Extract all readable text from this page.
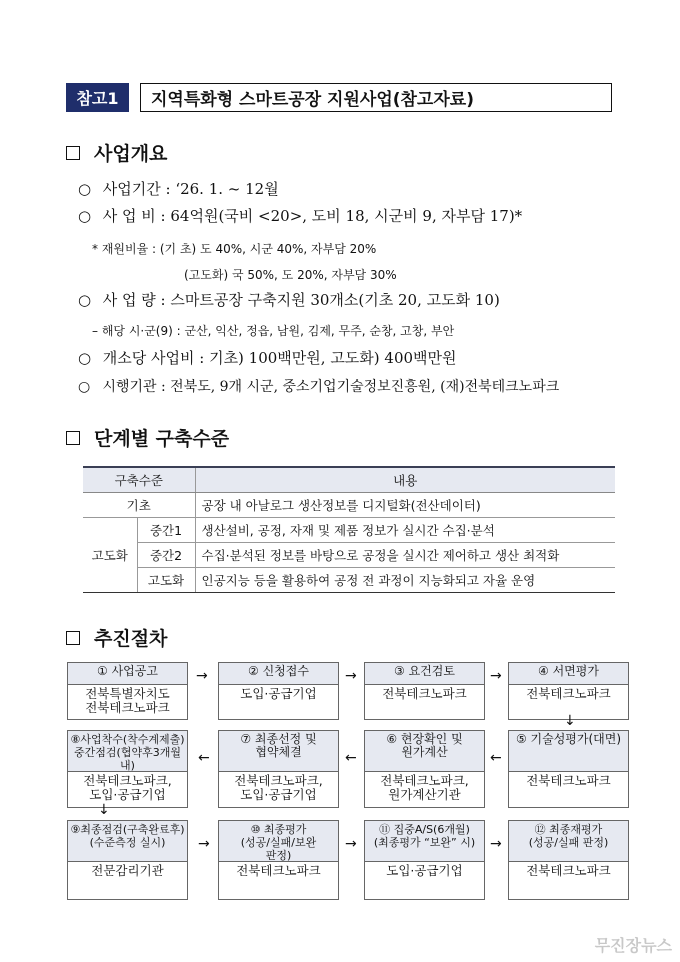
참고1	지역특화형 스마트공장 지원사업(참고자료)
사업개요
○ 사업기간 : ‘26. 1. ~ 12월
○ 사 업 비 : 64억원(국비 <20>, 도비 18, 시군비 9, 자부담 17)*
* 재원비율 : (기 초) 도 40%, 시군 40%, 자부담 20%
(고도화) 국 50%, 도 20%, 자부담 30%
○ 사 업 량 : 스마트공장 구축지원 30개소(기초 20, 고도화 10)
– 해당 시·군(9) : 군산, 익산, 정읍, 남원, 김제, 무주, 순창, 고창, 부안
○ 개소당 사업비 : 기초) 100백만원, 고도화) 400백만원
○ 시행기관 : 전북도, 9개 시군, 중소기업기술정보진흥원, (재)전북테크노파크
단계별 구축수준
구축수준		내용
기초		공장 내 아날로그 생산정보를 디지털화(전산데이터)
고도화	중간1	생산설비, 공정, 자재 및 제품 정보가 실시간 수집·분석
	중간2	수집·분석된 정보를 바탕으로 공정을 실시간 제어하고 생산 최적화
	고도화	인공지능 등을 활용하여 공정 전 과정이 지능화되고 자율 운영
추진절차
① 사업공고
전북특별자치도
전북테크노파크
② 신청접수
도입·공급기업
③ 요건검토
전북테크노파크
④ 서면평가
전북테크노파크
→	→	→
↓
⑧사업착수(착수계제출)
중간점검(협약후3개월내)
전북테크노파크,
도입·공급기업
⑦ 최종선정 및
협약체결
전북테크노파크,
도입·공급기업
⑥ 현장확인 및
원가계산
전북테크노파크,
원가계산기관
⑤ 기술성평가(대면)
전북테크노파크
←	←	←
↓
⑨최종점검(구축완료후)
(수준측정 실시)
전문감리기관
⑩ 최종평가
(성공/실패/보완
판정)
전북테크노파크
⑪ 집중A/S(6개월)
(최종평가 “보완” 시)
도입·공급기업
⑫ 최종재평가
(성공/실패 판정)
전북테크노파크
→	→	→
무진장뉴스
